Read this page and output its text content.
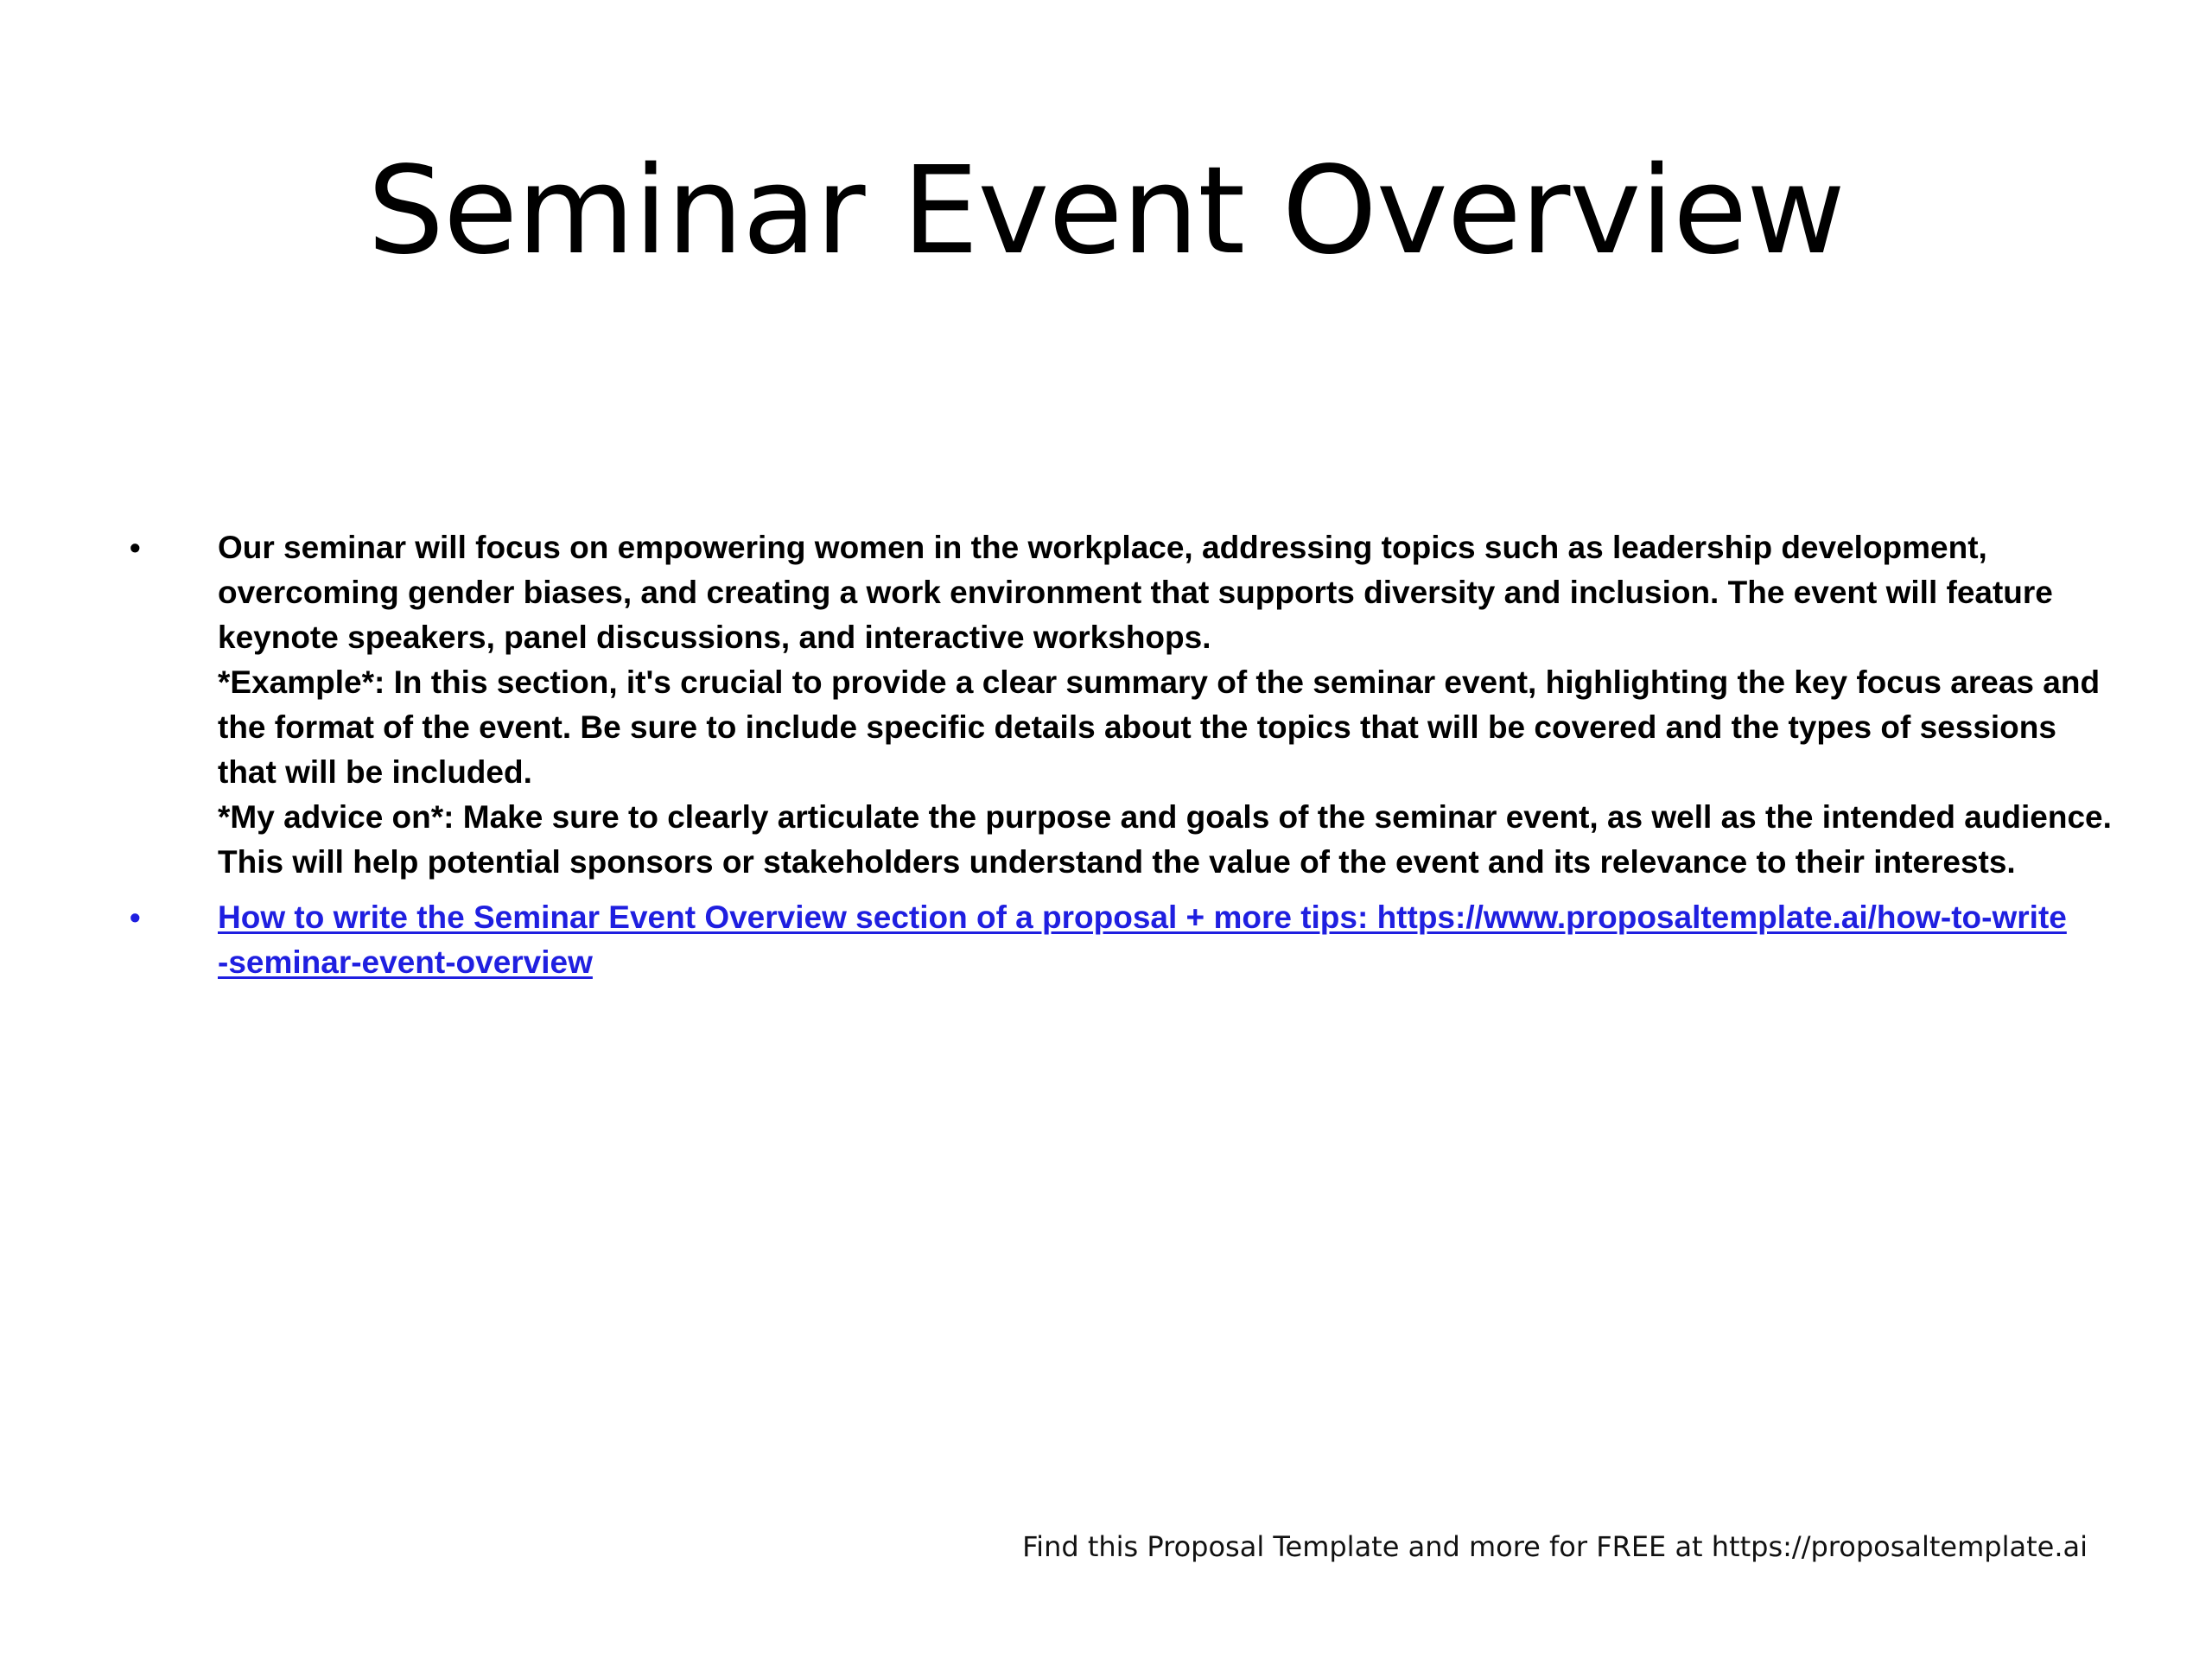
Seminar Event Overview
• Our seminar will focus on empowering women in the workplace, addressing topics such as leadership development, overcoming gender biases, and creating a work environment that supports diversity and inclusion. The event will feature keynote speakers, panel discussions, and interactive workshops.
*Example*: In this section, it's crucial to provide a clear summary of the seminar event, highlighting the key focus areas and the format of the event. Be sure to include specific details about the topics that will be covered and the types of sessions that will be included.
*My advice on*: Make sure to clearly articulate the purpose and goals of the seminar event, as well as the intended audience. This will help potential sponsors or stakeholders understand the value of the event and its relevance to their interests.
• How to write the Seminar Event Overview section of a proposal + more tips: https://www.proposaltemplate.ai/how-to-write-seminar-event-overview
Find this Proposal Template and more for FREE at https://proposaltemplate.ai
